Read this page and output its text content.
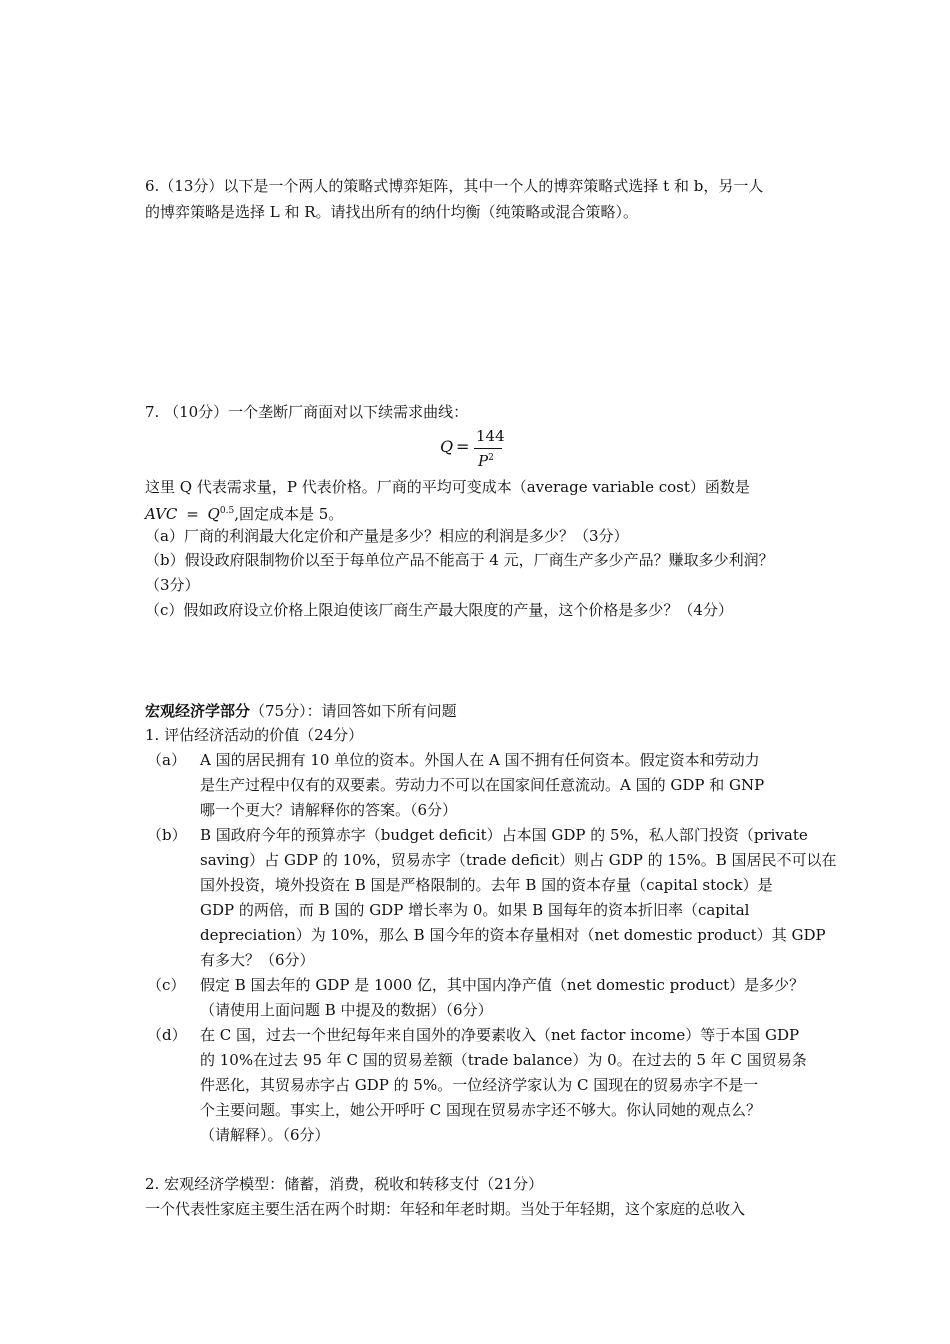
6.（13分）以下是一个两人的策略式博弈矩阵，其中一个人的博弈策略式选择 t 和 b，另一人
的博弈策略是选择 L 和 R。请找出所有的纳什均衡（纯策略或混合策略）。
7. （10分）一个垄断厂商面对以下续需求曲线：
Q =
144
$P^2$
这里 Q 代表需求量，P 代表价格。厂商的平均可变成本（average variable cost）函数是
AVC = $Q^{0.5}$,固定成本是 5。
（a）厂商的利润最大化定价和产量是多少？相应的利润是多少？（3分）
（b）假设政府限制物价以至于每单位产品不能高于 4 元，厂商生产多少产品？赚取多少利润？
（3分）
（c）假如政府设立价格上限迫使该厂商生产最大限度的产量，这个价格是多少？（4分）
宏观经济学部分（75分）：请回答如下所有问题
1. 评估经济活动的价值（24分）
（a） A 国的居民拥有 10 单位的资本。外国人在 A 国不拥有任何资本。假定资本和劳动力
是生产过程中仅有的双要素。劳动力不可以在国家间任意流动。A 国的 GDP 和 GNP
哪一个更大？请解释你的答案。（6分）
（b） B 国政府今年的预算赤字（budget deficit）占本国 GDP 的 5%，私人部门投资（private
saving）占 GDP 的 10%，贸易赤字（trade deficit）则占 GDP 的 15%。B 国居民不可以在
国外投资，境外投资在 B 国是严格限制的。去年 B 国的资本存量（capital stock）是
GDP 的两倍，而 B 国的 GDP 增长率为 0。如果 B 国每年的资本折旧率（capital
depreciation）为 10%，那么 B 国今年的资本存量相对（net domestic product）其 GDP
有多大？（6分）
（c） 假定 B 国去年的 GDP 是 1000 亿，其中国内净产值（net domestic product）是多少？
（请使用上面问题 B 中提及的数据）（6分）
（d） 在 C 国，过去一个世纪每年来自国外的净要素收入（net factor income）等于本国 GDP
的 10%在过去 95 年 C 国的贸易差额（trade balance）为 0。在过去的 5 年 C 国贸易条
件恶化，其贸易赤字占 GDP 的 5%。一位经济学家认为 C 国现在的贸易赤字不是一
个主要问题。事实上，她公开呼吁 C 国现在贸易赤字还不够大。你认同她的观点么？
（请解释）。（6分）
2. 宏观经济学模型：储蓄，消费，税收和转移支付（21分）
一个代表性家庭主要生活在两个时期：年轻和年老时期。当处于年轻期，这个家庭的总收入
